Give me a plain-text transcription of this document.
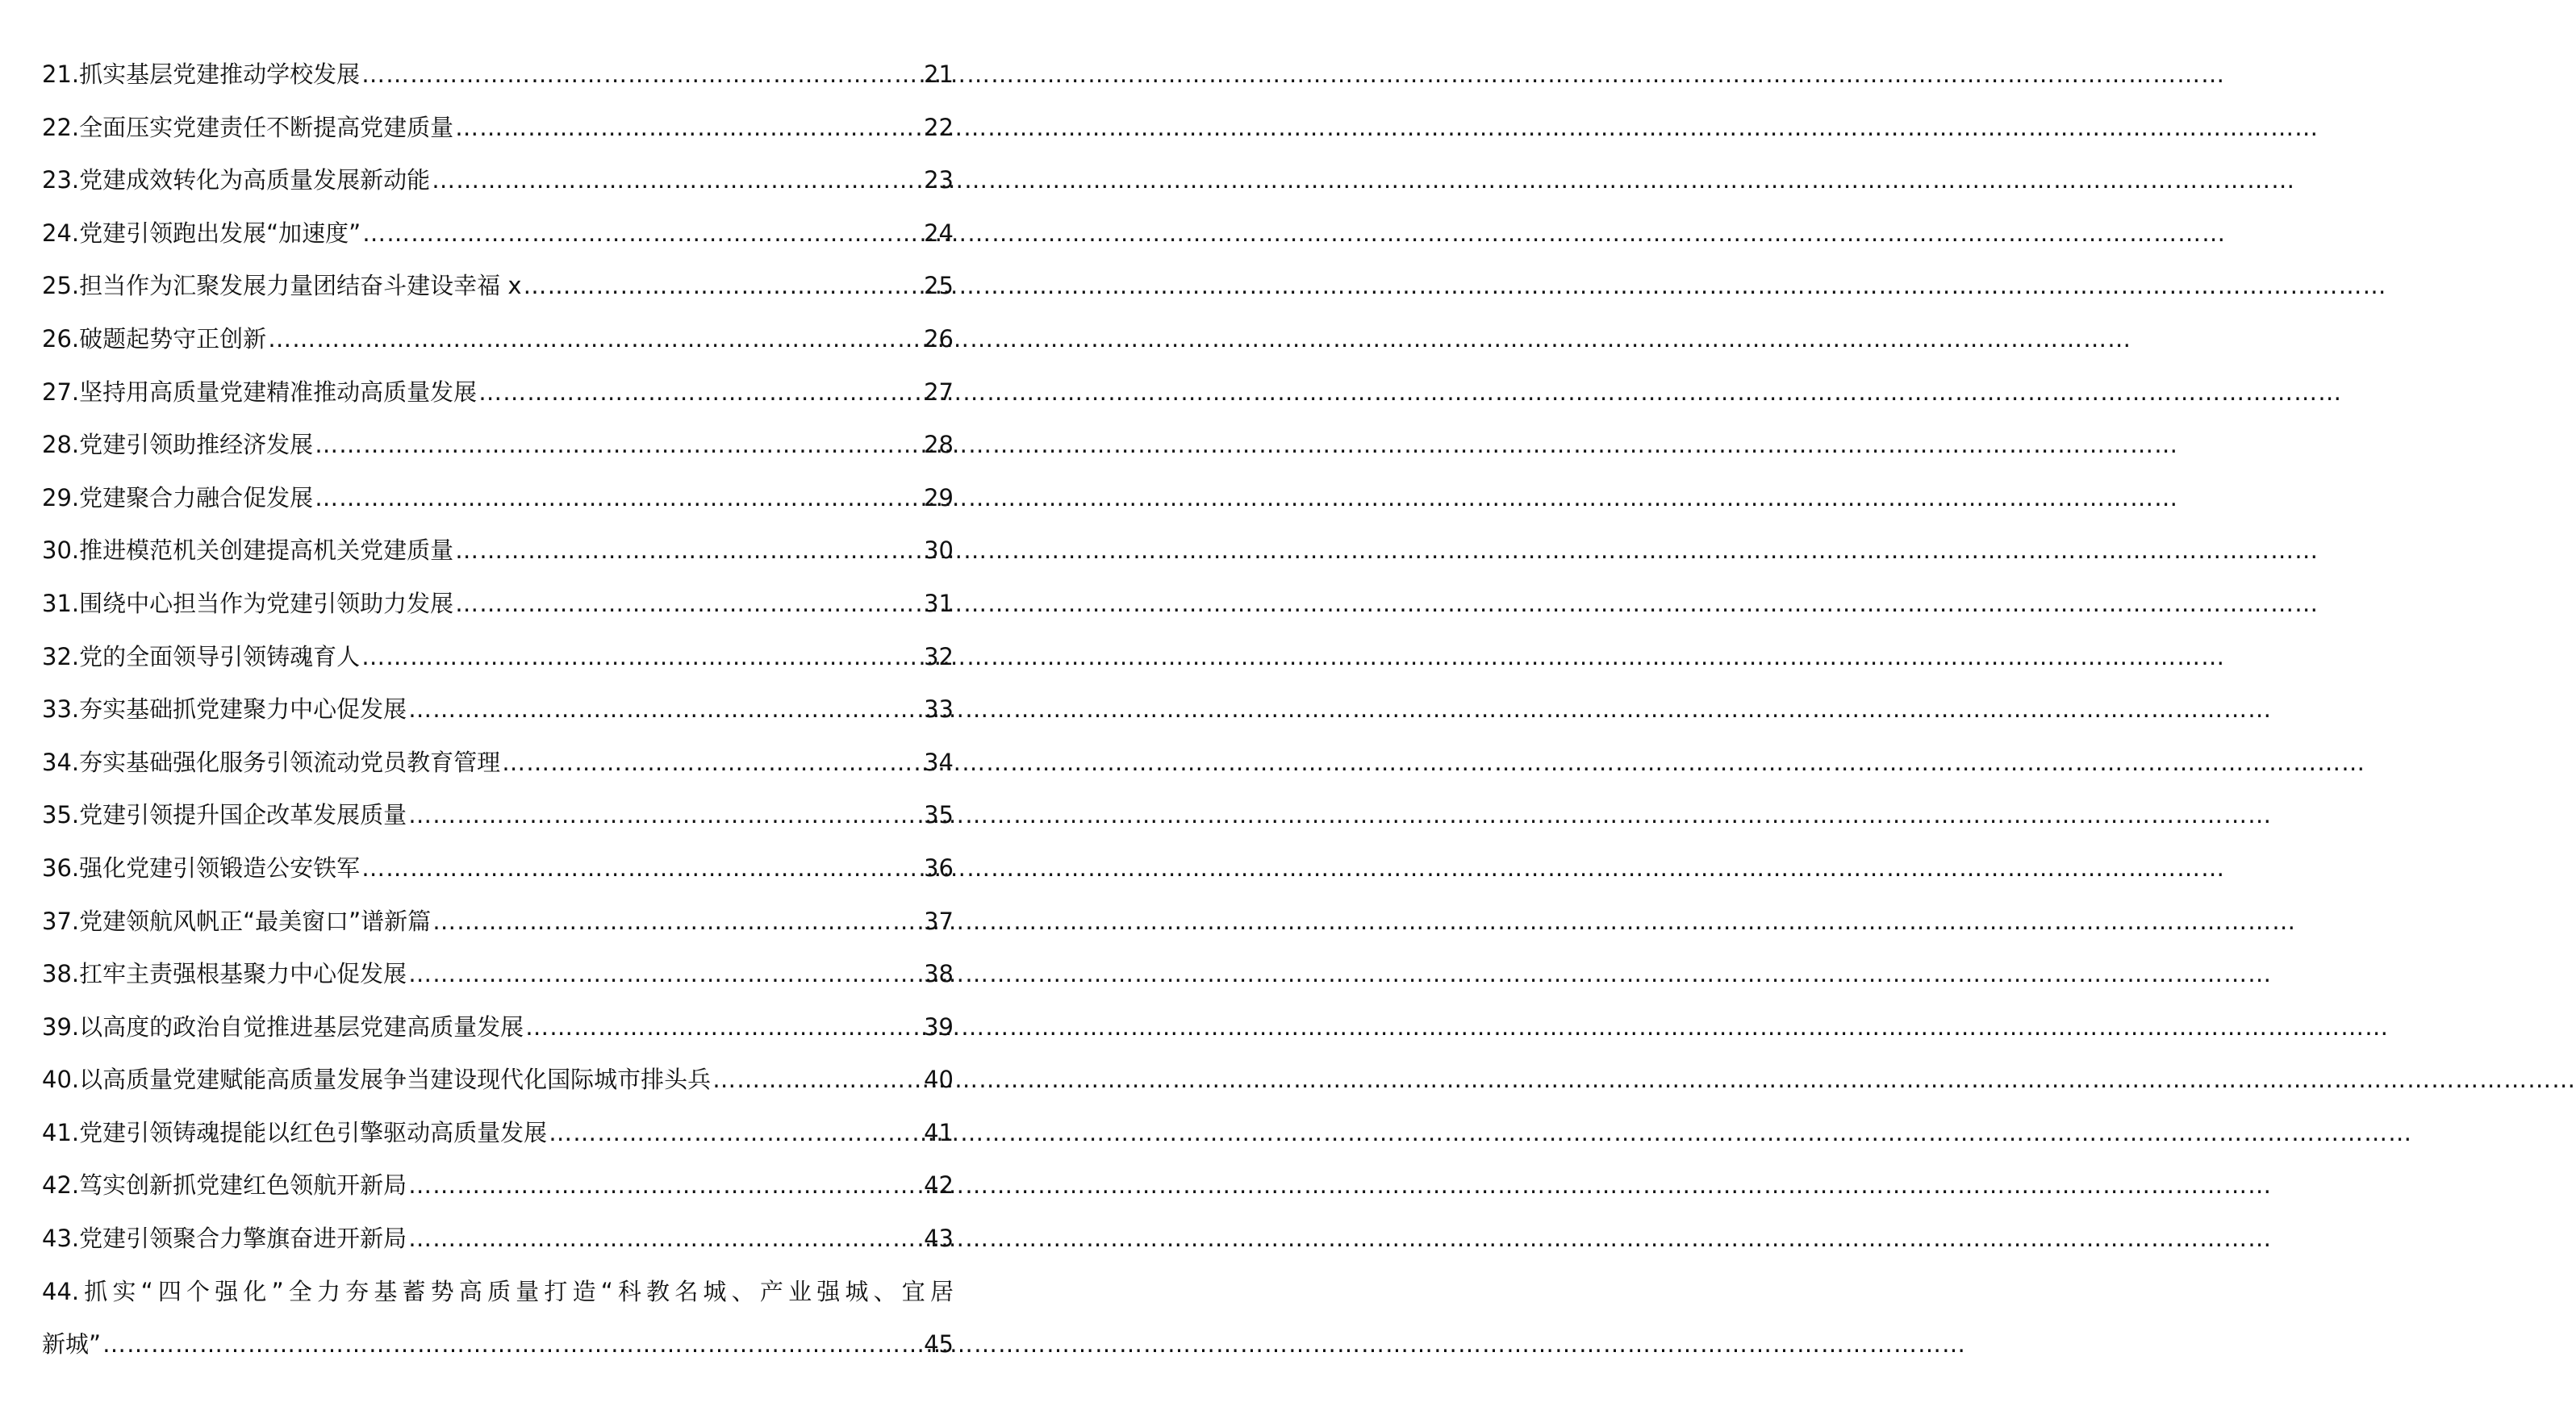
21.抓实基层党建推动学校发展 ……………………………………………………………………………………………………………………………………………………………………………………………………………	21
22.全面压实党建责任不断提高党建质量 ……………………………………………………………………………………………………………………………………………………………………………………………………………	22
23.党建成效转化为高质量发展新动能 ……………………………………………………………………………………………………………………………………………………………………………………………………………	23
24.党建引领跑出发展“加速度” ……………………………………………………………………………………………………………………………………………………………………………………………………………	24
25.担当作为汇聚发展力量团结奋斗建设幸福 x ……………………………………………………………………………………………………………………………………………………………………………………………………………	25
26.破题起势守正创新 ……………………………………………………………………………………………………………………………………………………………………………………………………………	26
27.坚持用高质量党建精准推动高质量发展 ……………………………………………………………………………………………………………………………………………………………………………………………………………	27
28.党建引领助推经济发展 ……………………………………………………………………………………………………………………………………………………………………………………………………………	28
29.党建聚合力融合促发展 ……………………………………………………………………………………………………………………………………………………………………………………………………………	29
30.推进模范机关创建提高机关党建质量 ……………………………………………………………………………………………………………………………………………………………………………………………………………	30
31.围绕中心担当作为党建引领助力发展 ……………………………………………………………………………………………………………………………………………………………………………………………………………	31
32.党的全面领导引领铸魂育人 ……………………………………………………………………………………………………………………………………………………………………………………………………………	32
33.夯实基础抓党建聚力中心促发展 ……………………………………………………………………………………………………………………………………………………………………………………………………………	33
34.夯实基础强化服务引领流动党员教育管理 ……………………………………………………………………………………………………………………………………………………………………………………………………………	34
35.党建引领提升国企改革发展质量 ……………………………………………………………………………………………………………………………………………………………………………………………………………	35
36.强化党建引领锻造公安铁军 ……………………………………………………………………………………………………………………………………………………………………………………………………………	36
37.党建领航风帆正“最美窗口”谱新篇 ……………………………………………………………………………………………………………………………………………………………………………………………………………	37
38.扛牢主责强根基聚力中心促发展 ……………………………………………………………………………………………………………………………………………………………………………………………………………	38
39.以高度的政治自觉推进基层党建高质量发展 ……………………………………………………………………………………………………………………………………………………………………………………………………………	39
40.以高质量党建赋能高质量发展争当建设现代化国际城市排头兵 ……………………………………………………………………………………………………………………………………………………………………………………………………………	40
41.党建引领铸魂提能以红色引擎驱动高质量发展 ……………………………………………………………………………………………………………………………………………………………………………………………………………	41
42.笃实创新抓党建红色领航开新局 ……………………………………………………………………………………………………………………………………………………………………………………………………………	42
43.党建引领聚合力擎旗奋进开新局 ……………………………………………………………………………………………………………………………………………………………………………………………………………	43
44.抓实“四个强化”全力夯基蓄势高质量打造“科教名城、产业强城、宜居
新城” ……………………………………………………………………………………………………………………………………………………………………………………………………………	45
